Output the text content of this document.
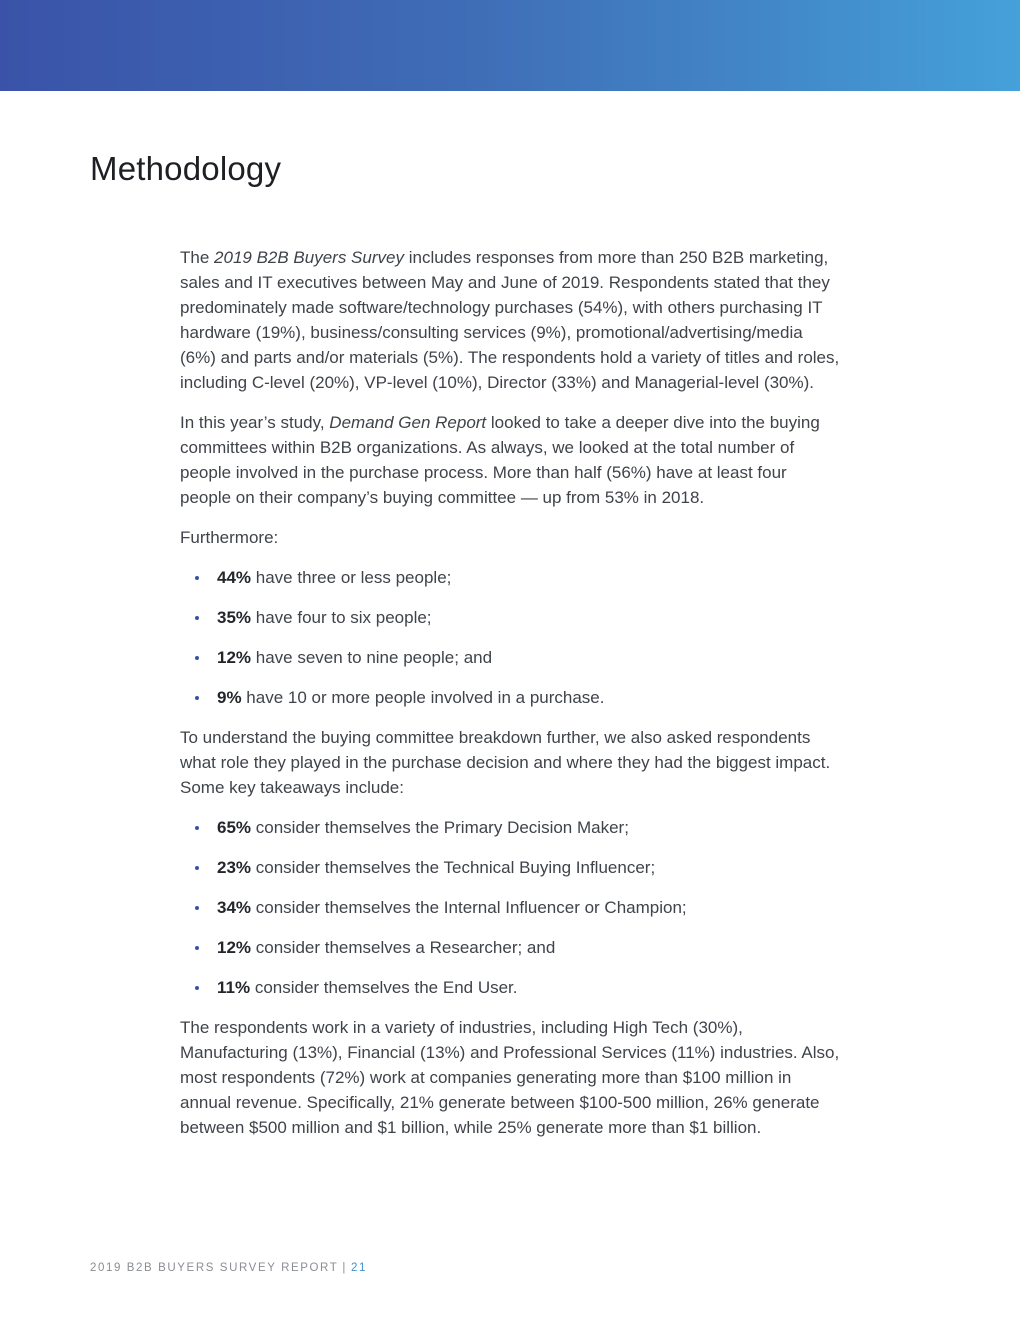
Methodology

The 2019 B2B Buyers Survey includes responses from more than 250 B2B marketing, sales and IT executives between May and June of 2019. Respondents stated that they predominately made software/technology purchases (54%), with others purchasing IT hardware (19%), business/consulting services (9%), promotional/advertising/media (6%) and parts and/or materials (5%). The respondents hold a variety of titles and roles, including C-level (20%), VP-level (10%), Director (33%) and Managerial-level (30%).

In this year’s study, Demand Gen Report looked to take a deeper dive into the buying committees within B2B organizations. As always, we looked at the total number of people involved in the purchase process. More than half (56%) have at least four people on their company’s buying committee — up from 53% in 2018.

Furthermore:

44% have three or less people;
35% have four to six people;
12% have seven to nine people; and
9% have 10 or more people involved in a purchase.

To understand the buying committee breakdown further, we also asked respondents what role they played in the purchase decision and where they had the biggest impact. Some key takeaways include:

65% consider themselves the Primary Decision Maker;
23% consider themselves the Technical Buying Influencer;
34% consider themselves the Internal Influencer or Champion;
12% consider themselves a Researcher; and
11% consider themselves the End User.

The respondents work in a variety of industries, including High Tech (30%), Manufacturing (13%), Financial (13%) and Professional Services (11%) industries. Also, most respondents (72%) work at companies generating more than $100 million in annual revenue. Specifically, 21% generate between $100-500 million, 26% generate between $500 million and $1 billion, while 25% generate more than $1 billion.

2019 B2B BUYERS SURVEY REPORT | 21
